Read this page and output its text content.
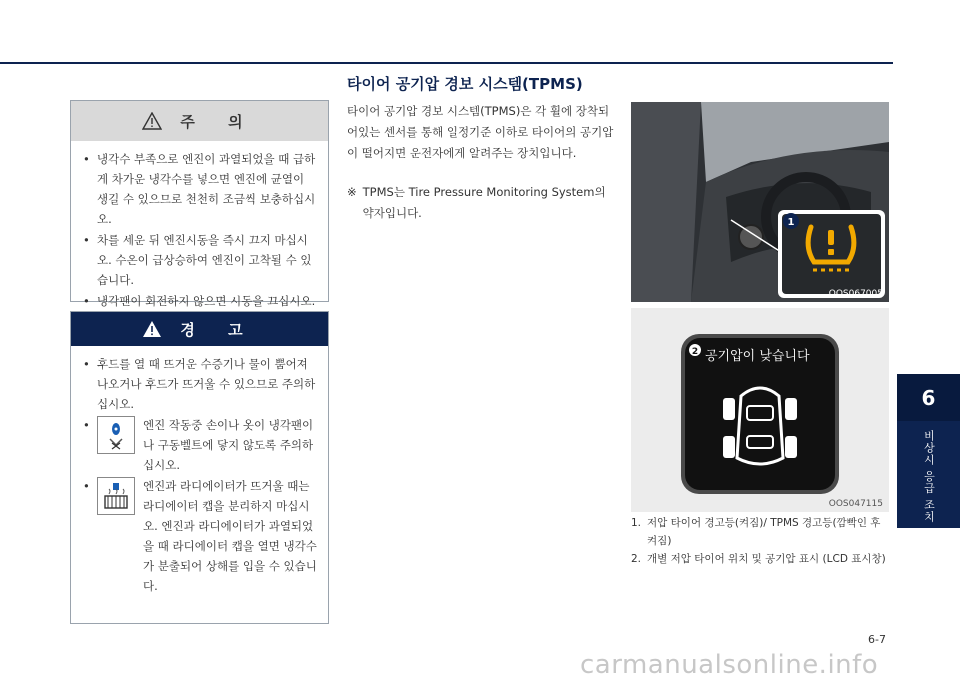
주 의
• 냉각수 부족으로 엔진이 과열되었을 때 급하게 차가운 냉각수를 넣으면 엔진에 균열이 생길 수 있으므로 천천히 조금씩 보충하십시오.
• 차를 세운 뒤 엔진시동을 즉시 끄지 마십시오. 수온이 급상승하여 엔진이 고착될 수 있습니다.
• 냉각팬이 회전하지 않으면 시동을 끄십시오.
경 고
• 후드를 열 때 뜨거운 수증기나 물이 뿜어져 나오거나 후드가 뜨거울 수 있으므로 주의하십시오.
• 엔진 작동중 손이나 옷이 냉각팬이나 구동벨트에 닿지 않도록 주의하십시오.
• 엔진과 라디에이터가 뜨거울 때는 라디에이터 캡을 분리하지 마십시오. 엔진과 라디에이터가 과열되었을 때 라디에이터 캡을 열면 냉각수가 분출되어 상해를 입을 수 있습니다.
타이어 공기압 경보 시스템(TPMS)
타이어 공기압 경보 시스템(TPMS)은 각 휠에 장착되어있는 센서를 통해 일정기준 이하로 타이어의 공기압이 떨어지면 운전자에게 알려주는 장치입니다.
※ TPMS는 Tire Pressure Monitoring System의 약자입니다.
1
OOS067005
2 공기압이 낮습니다
OOS047115
1. 저압 타이어 경고등(켜짐)/ TPMS 경고등(깜빡인 후 켜짐)
2. 개별 저압 타이어 위치 및 공기압 표시 (LCD 표시창)
6
비상시 응급 조치
6-7
carmanualsonline.info
